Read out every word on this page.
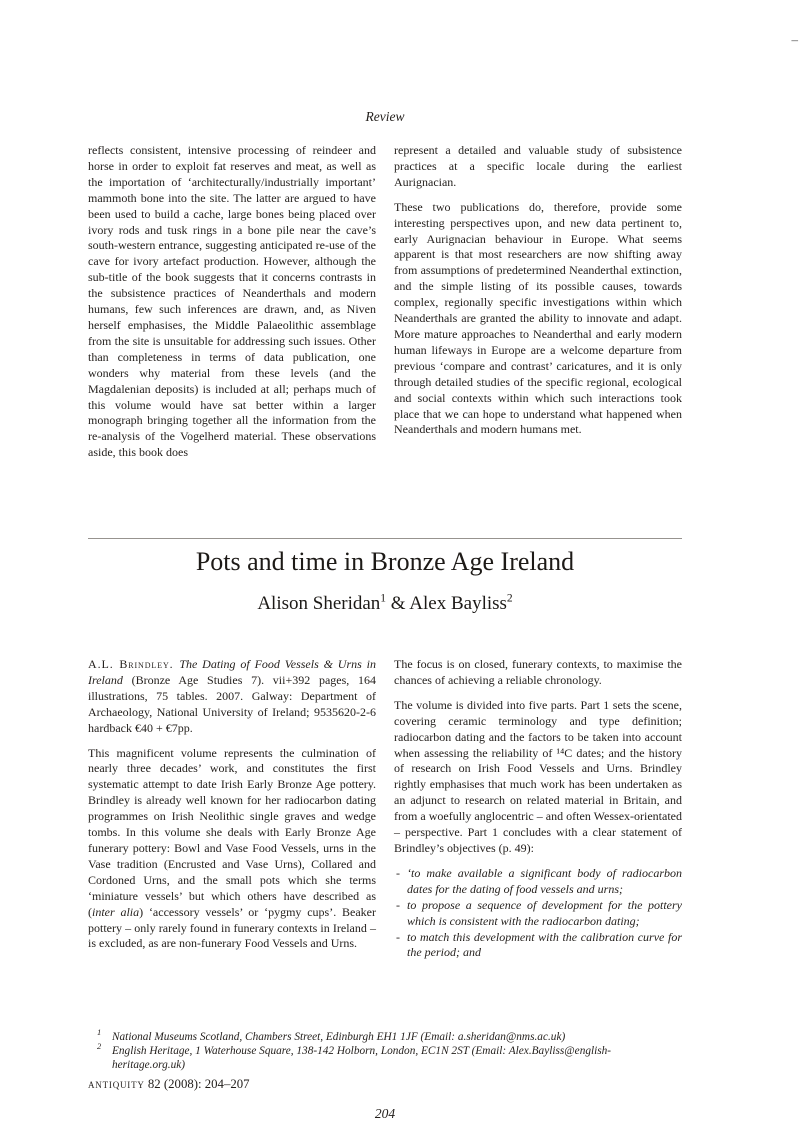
–
Review

reflects consistent, intensive processing of reindeer and horse in order to exploit fat reserves and meat, as well as the importation of ‘architecturally/industrially important’ mammoth bone into the site. The latter are argued to have been used to build a cache, large bones being placed over ivory rods and tusk rings in a bone pile near the cave’s south-western entrance, suggesting anticipated re-use of the cave for ivory artefact production. However, although the sub-title of the book suggests that it concerns contrasts in the subsistence practices of Neanderthals and modern humans, few such inferences are drawn, and, as Niven herself emphasises, the Middle Palaeolithic assemblage from the site is unsuitable for addressing such issues. Other than completeness in terms of data publication, one wonders why material from these levels (and the Magdalenian deposits) is included at all; perhaps much of this volume would have sat better within a larger monograph bringing together all the information from the re-analysis of the Vogelherd material. These observations aside, this book does

represent a detailed and valuable study of subsistence practices at a specific locale during the earliest Aurignacian.

These two publications do, therefore, provide some interesting perspectives upon, and new data pertinent to, early Aurignacian behaviour in Europe. What seems apparent is that most researchers are now shifting away from assumptions of predetermined Neanderthal extinction, and the simple listing of its possible causes, towards complex, regionally specific investigations within which Neanderthals are granted the ability to innovate and adapt. More mature approaches to Neanderthal and early modern human lifeways in Europe are a welcome departure from previous ‘compare and contrast’ caricatures, and it is only through detailed studies of the specific regional, ecological and social contexts within which such interactions took place that we can hope to understand what happened when Neanderthals and modern humans met.

Pots and time in Bronze Age Ireland
Alison Sheridan$^1$ & Alex Bayliss$^2$

A.L. Brindley. The Dating of Food Vessels & Urns in Ireland (Bronze Age Studies 7). vii+392 pages, 164 illustrations, 75 tables. 2007. Galway: Department of Archaeology, National University of Ireland; 9535620-2-6 hardback €40 + €7pp.

This magnificent volume represents the culmination of nearly three decades’ work, and constitutes the first systematic attempt to date Irish Early Bronze Age pottery. Brindley is already well known for her radiocarbon dating programmes on Irish Neolithic single graves and wedge tombs. In this volume she deals with Early Bronze Age funerary pottery: Bowl and Vase Food Vessels, urns in the Vase tradition (Encrusted and Vase Urns), Collared and Cordoned Urns, and the small pots which she terms ‘miniature vessels’ but which others have described as (inter alia) ‘accessory vessels’ or ‘pygmy cups’. Beaker pottery – only rarely found in funerary contexts in Ireland – is excluded, as are non-funerary Food Vessels and Urns.

The focus is on closed, funerary contexts, to maximise the chances of achieving a reliable chronology.

The volume is divided into five parts. Part 1 sets the scene, covering ceramic terminology and type definition; radiocarbon dating and the factors to be taken into account when assessing the reliability of ¹⁴C dates; and the history of research on Irish Food Vessels and Urns. Brindley rightly emphasises that much work has been undertaken as an adjunct to research on related material in Britain, and from a woefully anglocentric – and often Wessex-orientated – perspective. Part 1 concludes with a clear statement of Brindley’s objectives (p. 49):

- ‘to make available a significant body of radiocarbon dates for the dating of food vessels and urns;
- to propose a sequence of development for the pottery which is consistent with the radiocarbon dating;
- to match this development with the calibration curve for the period; and
$^1$ National Museums Scotland, Chambers Street, Edinburgh EH1 1JF (Email: a.sheridan@nms.ac.uk)
$^2$ English Heritage, 1 Waterhouse Square, 138-142 Holborn, London, EC1N 2ST (Email: Alex.Bayliss@english-heritage.org.uk)
antiquity 82 (2008): 204–207
204
